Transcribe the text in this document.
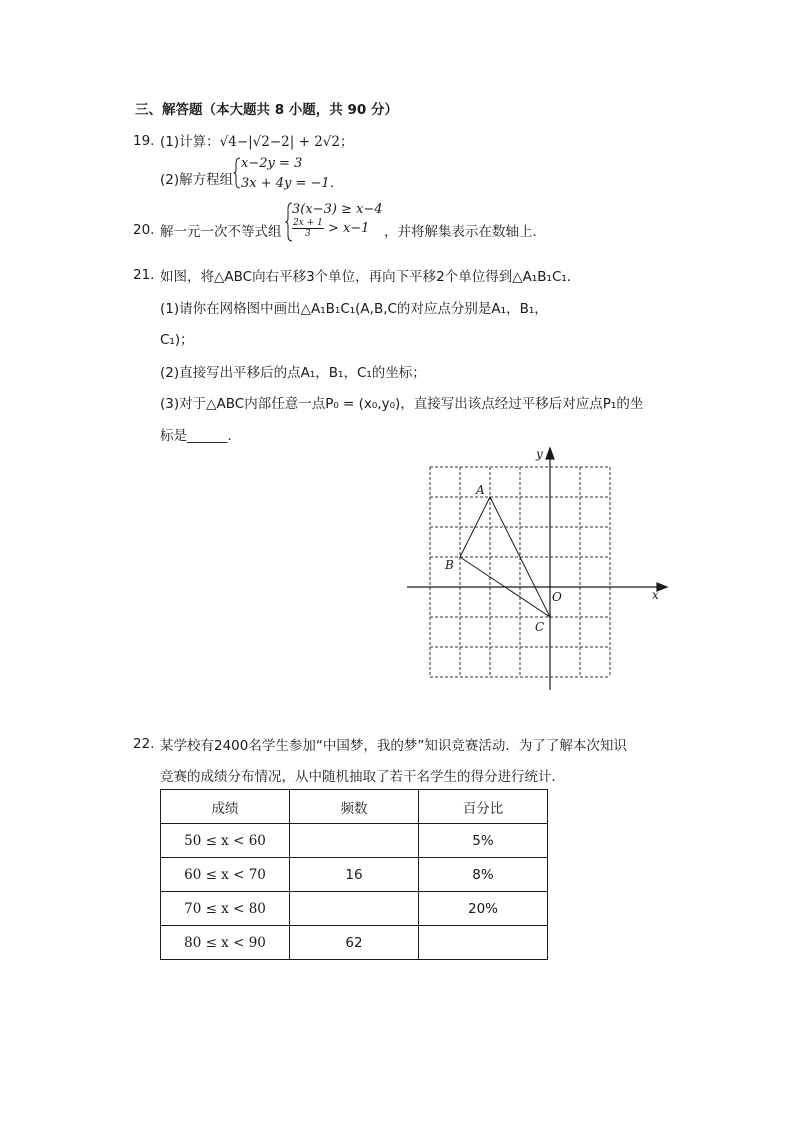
三、解答题（本大题共 8 小题，共 90 分）
19. (1)计算：√4−|√2−2| + 2√2；
(2)解方程组
x−2y = 3
3x + 4y = −1．
20. 解一元一次不等式组
3(x−3) ≥ x−4
$\frac{2x + 1}{3} > x-1$ ，并将解集表示在数轴上．
21. 如图，将△ABC向右平移3个单位，再向下平移2个单位得到△A₁B₁C₁．
(1)请你在网格图中画出△A₁B₁C₁(A,B,C的对应点分别是A₁，B₁，
C₁)；
(2)直接写出平移后的点A₁，B₁，C₁的坐标；
(3)对于△ABC内部任意一点P₀ = (x₀,y₀)，直接写出该点经过平移后对应点P₁的坐
标是______．
x
y
O
A
B
C
22. 某学校有2400名学生参加“中国梦，我的梦”知识竞赛活动．为了了解本次知识
竞赛的成绩分布情况，从中随机抽取了若干名学生的得分进行统计．
成绩	频数	百分比
50 ≤ x < 60		5%
60 ≤ x < 70	16	8%
70 ≤ x < 80		20%
80 ≤ x < 90	62	
